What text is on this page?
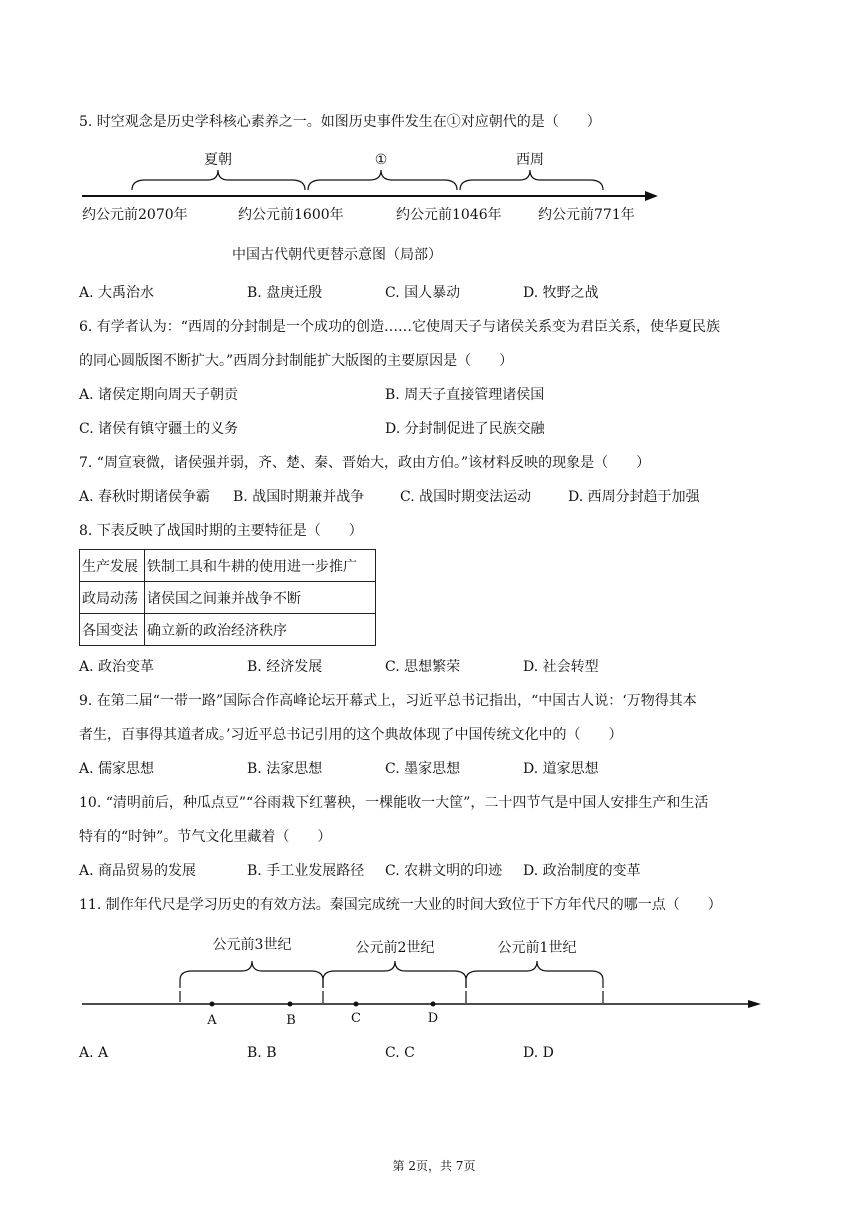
5. 时空观念是历史学科核心素养之一。如图历史事件发生在①对应朝代的是（　　）
夏朝	①	西周
约公元前2070年	约公元前1600年	约公元前1046年	约公元前771年
中国古代朝代更替示意图（局部）
A. 大禹治水	B. 盘庚迁殷	C. 国人暴动	D. 牧野之战
6. 有学者认为：“西周的分封制是一个成功的创造……它使周天子与诸侯关系变为君臣关系，使华夏民族
的同心圆版图不断扩大。”西周分封制能扩大版图的主要原因是（　　）
A. 诸侯定期向周天子朝贡	B. 周天子直接管理诸侯国
C. 诸侯有镇守疆土的义务	D. 分封制促进了民族交融
7. “周宣衰微，诸侯强并弱，齐、楚、秦、晋始大，政由方伯。”该材料反映的现象是（　　）
A. 春秋时期诸侯争霸 B. 战国时期兼并战争	C. 战国时期变法运动	D. 西周分封趋于加强
8. 下表反映了战国时期的主要特征是（　　）
生产发展	铁制工具和牛耕的使用进一步推广
政局动荡	诸侯国之间兼并战争不断
各国变法	确立新的政治经济秩序
A. 政治变革	B. 经济发展	C. 思想繁荣	D. 社会转型
9. 在第二届“一带一路”国际合作高峰论坛开幕式上，习近平总书记指出，“中国古人说：‘万物得其本
者生，百事得其道者成。’习近平总书记引用的这个典故体现了中国传统文化中的（　　）
A. 儒家思想	B. 法家思想	C. 墨家思想	D. 道家思想
10. “清明前后，种瓜点豆”“谷雨栽下红薯秧，一棵能收一大筐”，二十四节气是中国人安排生产和生活
特有的“时钟”。节气文化里藏着（　　）
A. 商品贸易的发展	B. 手工业发展路径 C. 农耕文明的印迹 D. 政治制度的变革
11. 制作年代尺是学习历史的有效方法。秦国完成统一大业的时间大致位于下方年代尺的哪一点（　　）
公元前3世纪	公元前2世纪	公元前1世纪
A	B	C	D
A. A	B. B	C. C	D. D
第 2页，共 7页
